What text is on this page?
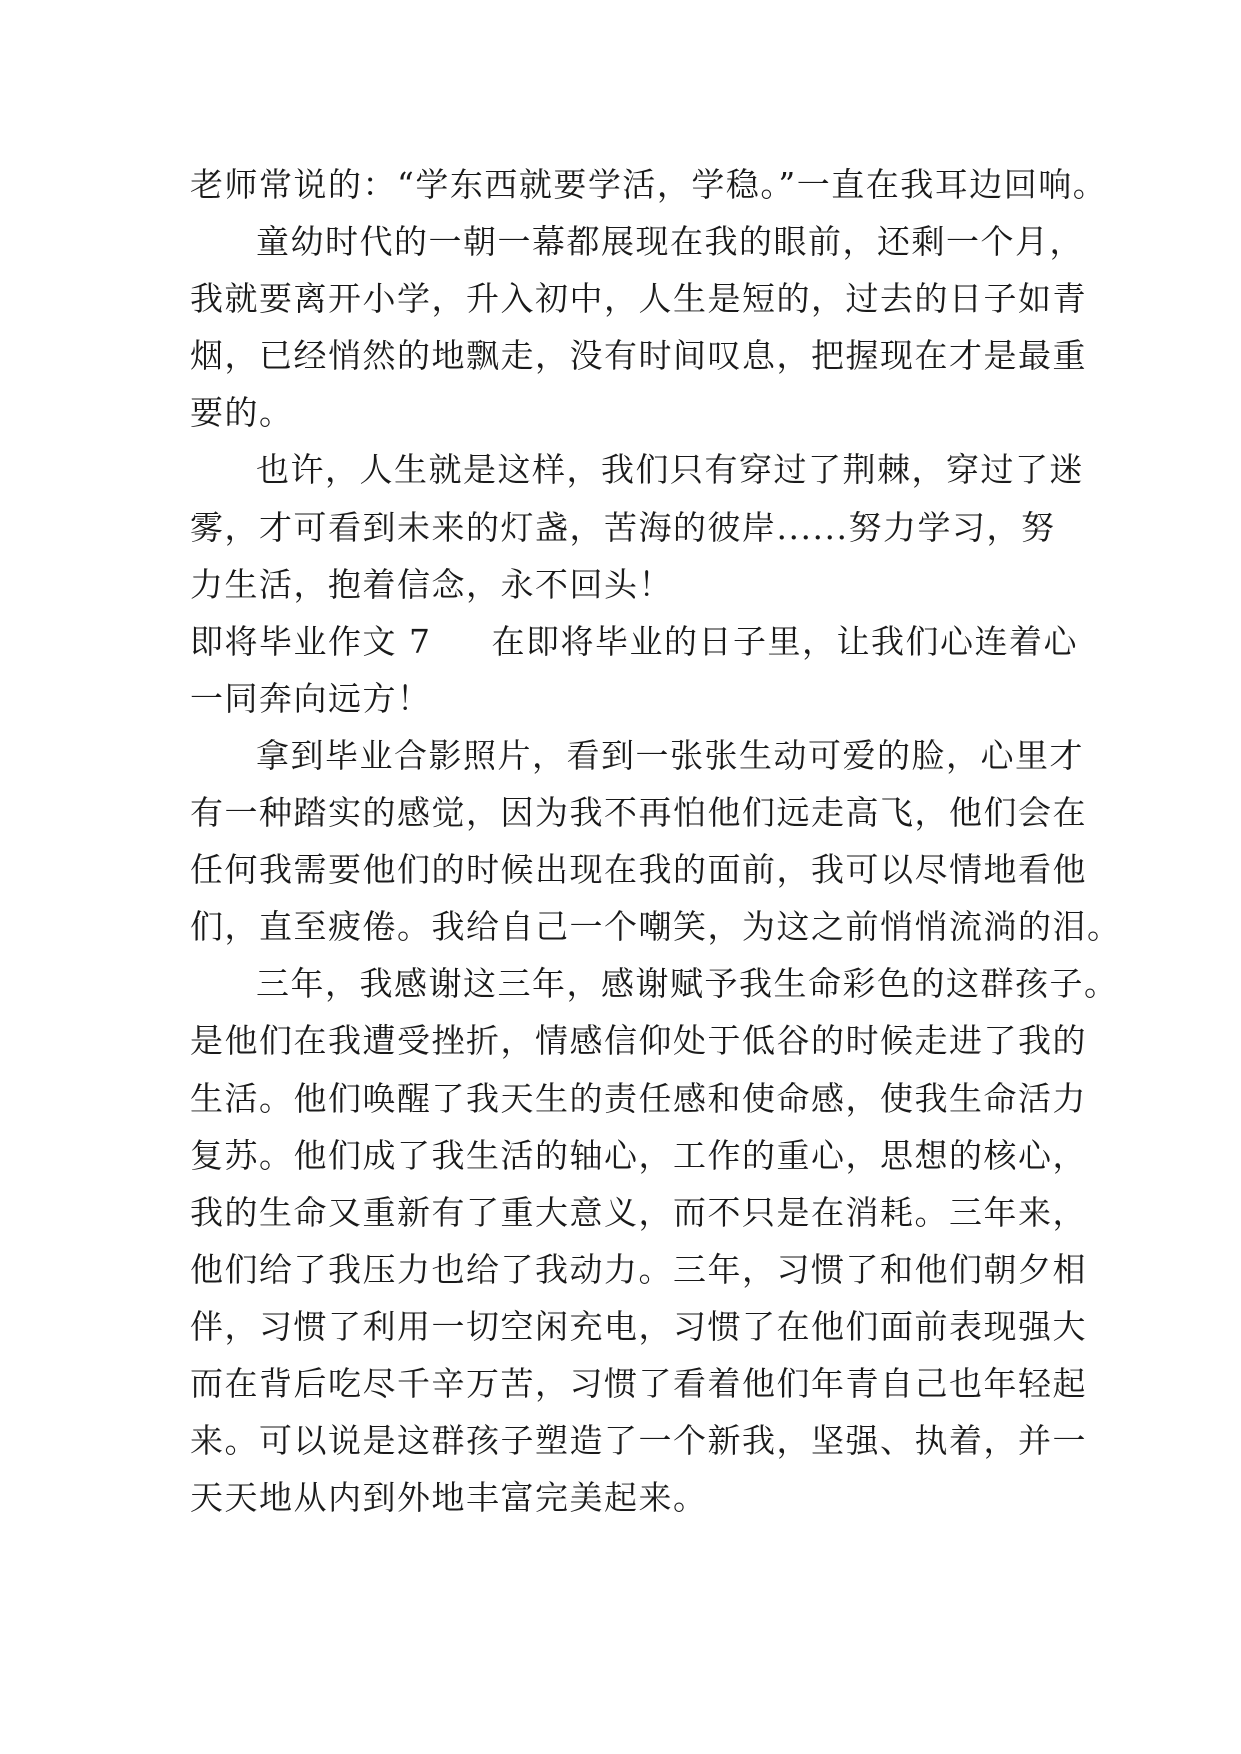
老师常说的：“学东西就要学活，学稳。”一直在我耳边回响。
童幼时代的一朝一幕都展现在我的眼前，还剩一个月，
我就要离开小学，升入初中，人生是短的，过去的日子如青
烟，已经悄然的地飘走，没有时间叹息，把握现在才是最重
要的。
也许，人生就是这样，我们只有穿过了荆棘，穿过了迷
雾，才可看到未来的灯盏，苦海的彼岸......努力学习，努
力生活，抱着信念，永不回头！
即将毕业作文 7 在即将毕业的日子里，让我们心连着心
一同奔向远方！
拿到毕业合影照片，看到一张张生动可爱的脸，心里才
有一种踏实的感觉，因为我不再怕他们远走高飞，他们会在
任何我需要他们的时候出现在我的面前，我可以尽情地看他
们，直至疲倦。我给自己一个嘲笑，为这之前悄悄流淌的泪。
三年，我感谢这三年，感谢赋予我生命彩色的这群孩子。
是他们在我遭受挫折，情感信仰处于低谷的时候走进了我的
生活。他们唤醒了我天生的责任感和使命感，使我生命活力
复苏。他们成了我生活的轴心，工作的重心，思想的核心，
我的生命又重新有了重大意义，而不只是在消耗。三年来，
他们给了我压力也给了我动力。三年，习惯了和他们朝夕相
伴，习惯了利用一切空闲充电，习惯了在他们面前表现强大
而在背后吃尽千辛万苦，习惯了看着他们年青自己也年轻起
来。可以说是这群孩子塑造了一个新我，坚强、执着，并一
天天地从内到外地丰富完美起来。
